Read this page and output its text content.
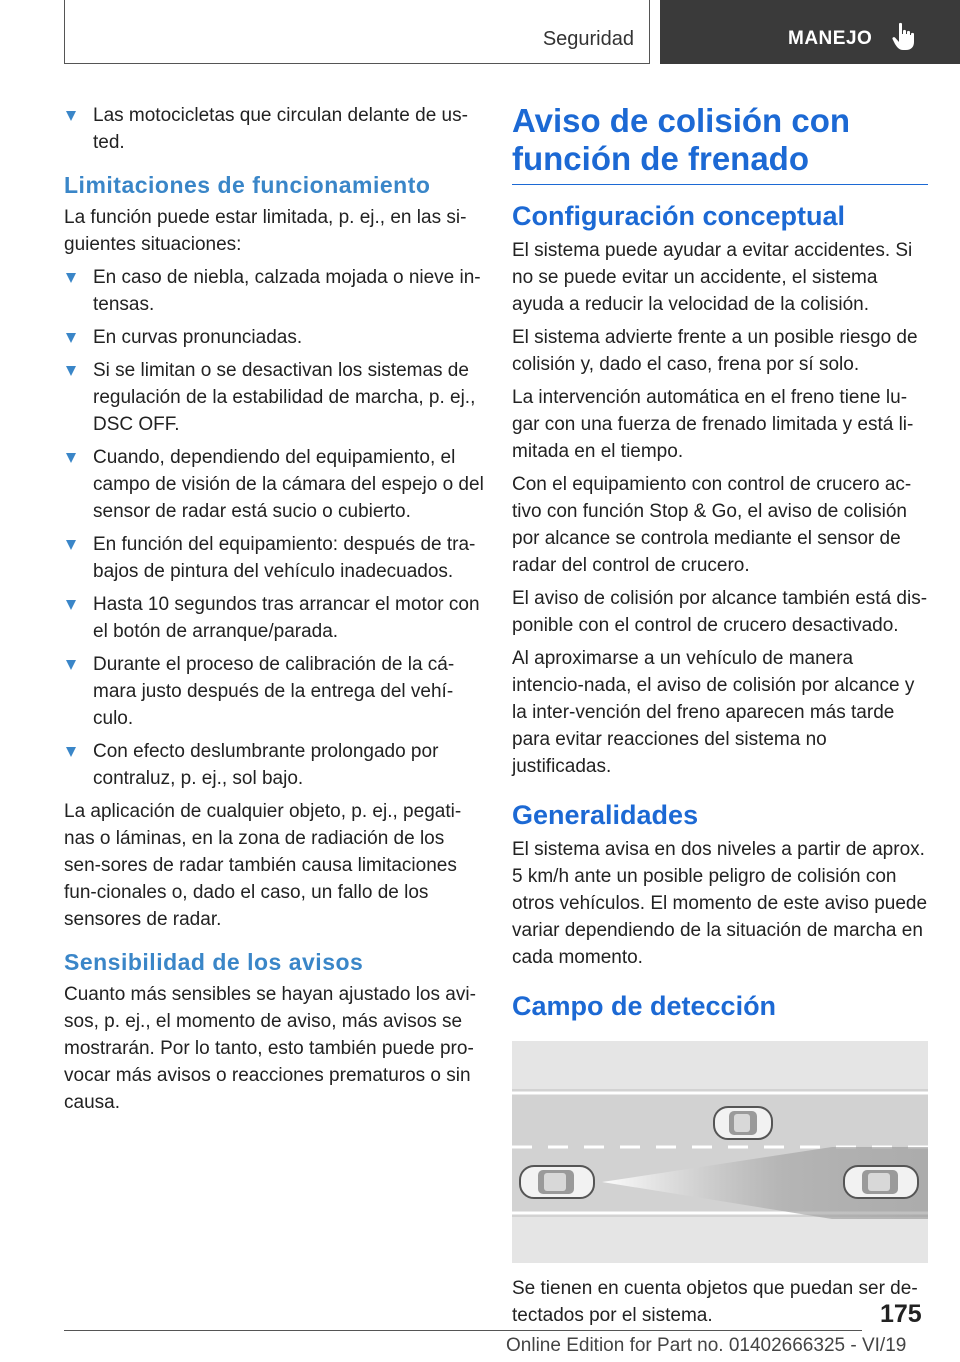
Seguridad	MANEJO
Las motocicletas que circulan delante de us-ted.
Limitaciones de funcionamiento

La función puede estar limitada, p. ej., en las si-guientes situaciones:

En caso de niebla, calzada mojada o nieve in-tensas.
En curvas pronunciadas.
Si se limitan o se desactivan los sistemas de regulación de la estabilidad de marcha, p. ej., DSC OFF.
Cuando, dependiendo del equipamiento, el campo de visión de la cámara del espejo o del sensor de radar está sucio o cubierto.
En función del equipamiento: después de tra-bajos de pintura del vehículo inadecuados.
Hasta 10 segundos tras arrancar el motor con el botón de arranque/parada.
Durante el proceso de calibración de la cá-mara justo después de la entrega del vehí-culo.
Con efecto deslumbrante prolongado por contraluz, p. ej., sol bajo.

La aplicación de cualquier objeto, p. ej., pegati-nas o láminas, en la zona de radiación de los sen-sores de radar también causa limitaciones fun-cionales o, dado el caso, un fallo de los sensores de radar.

Sensibilidad de los avisos

Cuanto más sensibles se hayan ajustado los avi-sos, p. ej., el momento de aviso, más avisos se mostrarán. Por lo tanto, esto también puede pro-vocar más avisos o reacciones prematuros o sin causa.

Aviso de colisión con función de frenado
Configuración conceptual

El sistema puede ayudar a evitar accidentes. Si no se puede evitar un accidente, el sistema ayuda a reducir la velocidad de la colisión.

El sistema advierte frente a un posible riesgo de colisión y, dado el caso, frena por sí solo.

La intervención automática en el freno tiene lu-gar con una fuerza de frenado limitada y está li-mitada en el tiempo.

Con el equipamiento con control de crucero ac-tivo con función Stop & Go, el aviso de colisión por alcance se controla mediante el sensor de radar del control de crucero.

El aviso de colisión por alcance también está dis-ponible con el control de crucero desactivado.

Al aproximarse a un vehículo de manera intencio-nada, el aviso de colisión por alcance y la inter-vención del freno aparecen más tarde para evitar reacciones del sistema no justificadas.

Generalidades

El sistema avisa en dos niveles a partir de aprox. 5 km/h ante un posible peligro de colisión con otros vehículos. El momento de este aviso puede variar dependiendo de la situación de marcha en cada momento.

Campo de detección

Se tienen en cuenta objetos que puedan ser de-tectados por el sistema.	175
Online Edition for Part no. 01402666325 - VI/19
